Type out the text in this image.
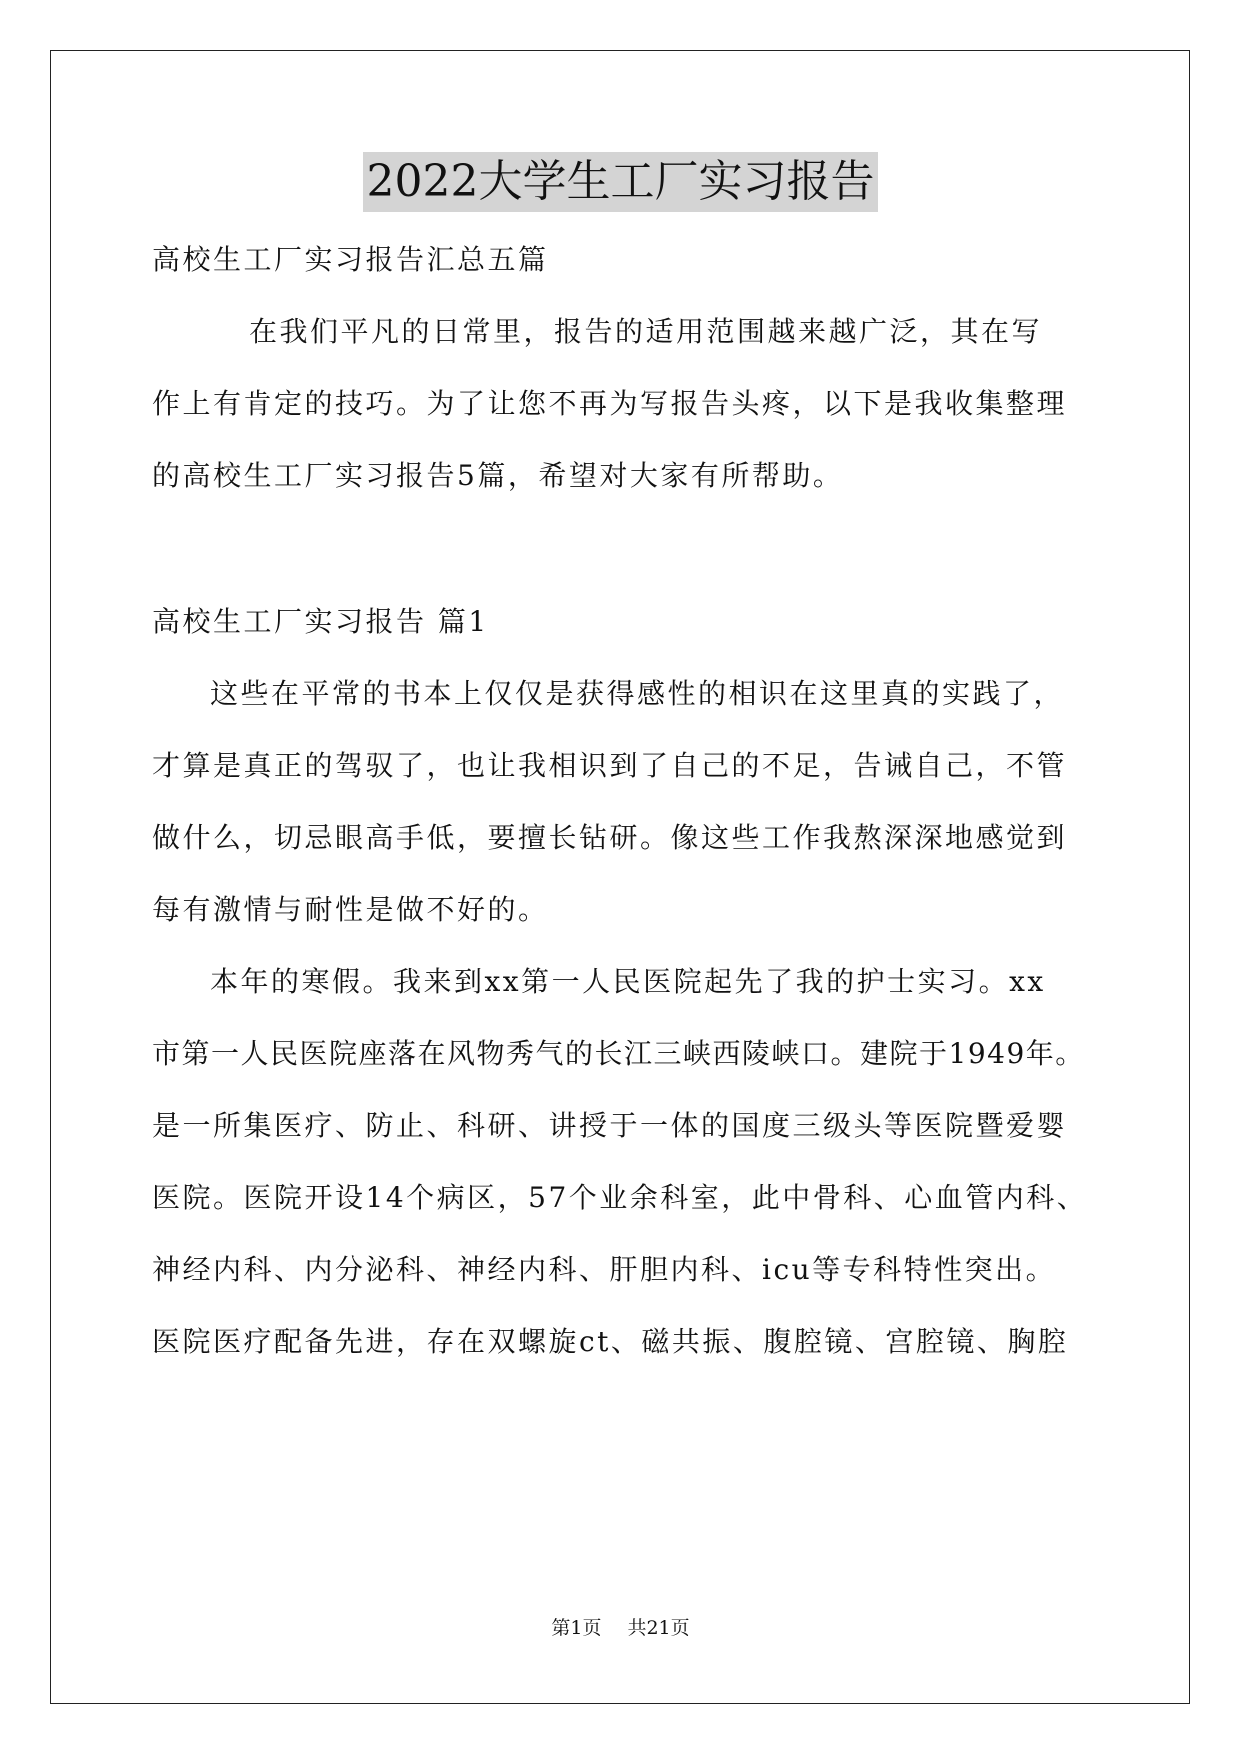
2022大学生工厂实习报告
高校生工厂实习报告汇总五篇
在我们平凡的日常里，报告的适用范围越来越广泛，其在写
作上有肯定的技巧。为了让您不再为写报告头疼，以下是我收集整理
的高校生工厂实习报告5篇，希望对大家有所帮助。
高校生工厂实习报告 篇1
这些在平常的书本上仅仅是获得感性的相识在这里真的实践了，
才算是真正的驾驭了，也让我相识到了自己的不足，告诫自己，不管
做什么，切忌眼高手低，要擅长钻研。像这些工作我熬深深地感觉到
每有激情与耐性是做不好的。
本年的寒假。我来到xx第一人民医院起先了我的护士实习。xx
市第一人民医院座落在风物秀气的长江三峡西陵峡口。建院于1949年。
是一所集医疗、防止、科研、讲授于一体的国度三级头等医院暨爱婴
医院。医院开设14个病区，57个业余科室，此中骨科、心血管内科、
神经内科、内分泌科、神经内科、肝胆内科、icu等专科特性突出。
医院医疗配备先进，存在双螺旋ct、磁共振、腹腔镜、宫腔镜、胸腔
第1页 共21页
